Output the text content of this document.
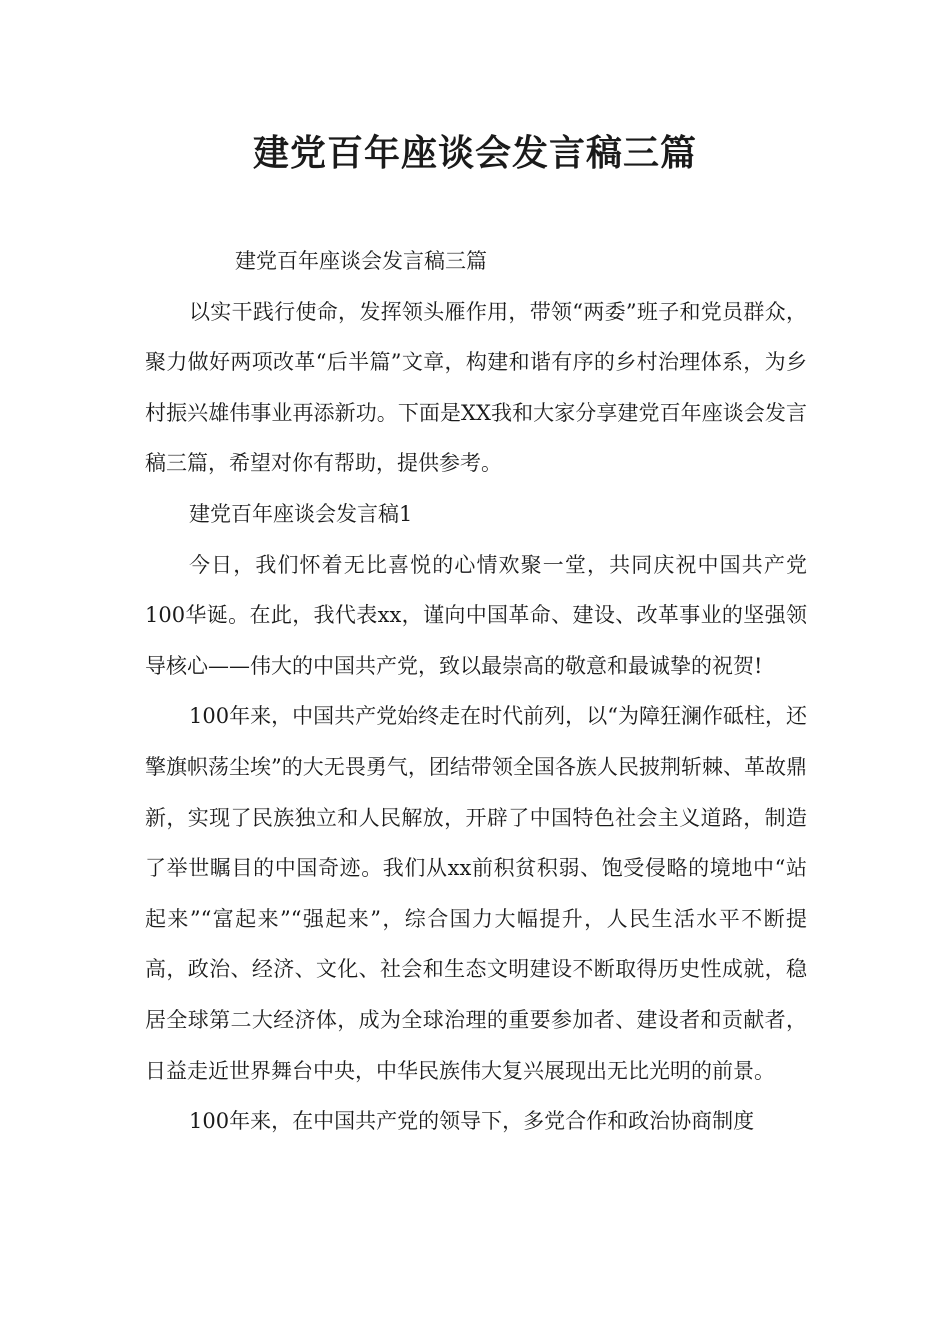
建党百年座谈会发言稿三篇

建党百年座谈会发言稿三篇

以实干践行使命，发挥领头雁作用，带领“两委”班子和党员群众，聚力做好两项改革“后半篇”文章，构建和谐有序的乡村治理体系，为乡村振兴雄伟事业再添新功。下面是XX我和大家分享建党百年座谈会发言稿三篇，希望对你有帮助，提供参考。

建党百年座谈会发言稿1

今日，我们怀着无比喜悦的心情欢聚一堂，共同庆祝中国共产党100华诞。在此，我代表xx，谨向中国革命、建设、改革事业的坚强领导核心——伟大的中国共产党，致以最崇高的敬意和最诚挚的祝贺!

100年来，中国共产党始终走在时代前列，以“为障狂澜作砥柱，还擎旗帜荡尘埃”的大无畏勇气，团结带领全国各族人民披荆斩棘、革故鼎新，实现了民族独立和人民解放，开辟了中国特色社会主义道路，制造了举世瞩目的中国奇迹。我们从xx前积贫积弱、饱受侵略的境地中“站起来”“富起来”“强起来”，综合国力大幅提升，人民生活水平不断提高，政治、经济、文化、社会和生态文明建设不断取得历史性成就，稳居全球第二大经济体，成为全球治理的重要参加者、建设者和贡献者，日益走近世界舞台中央，中华民族伟大复兴展现出无比光明的前景。

100年来，在中国共产党的领导下，多党合作和政治协商制度
